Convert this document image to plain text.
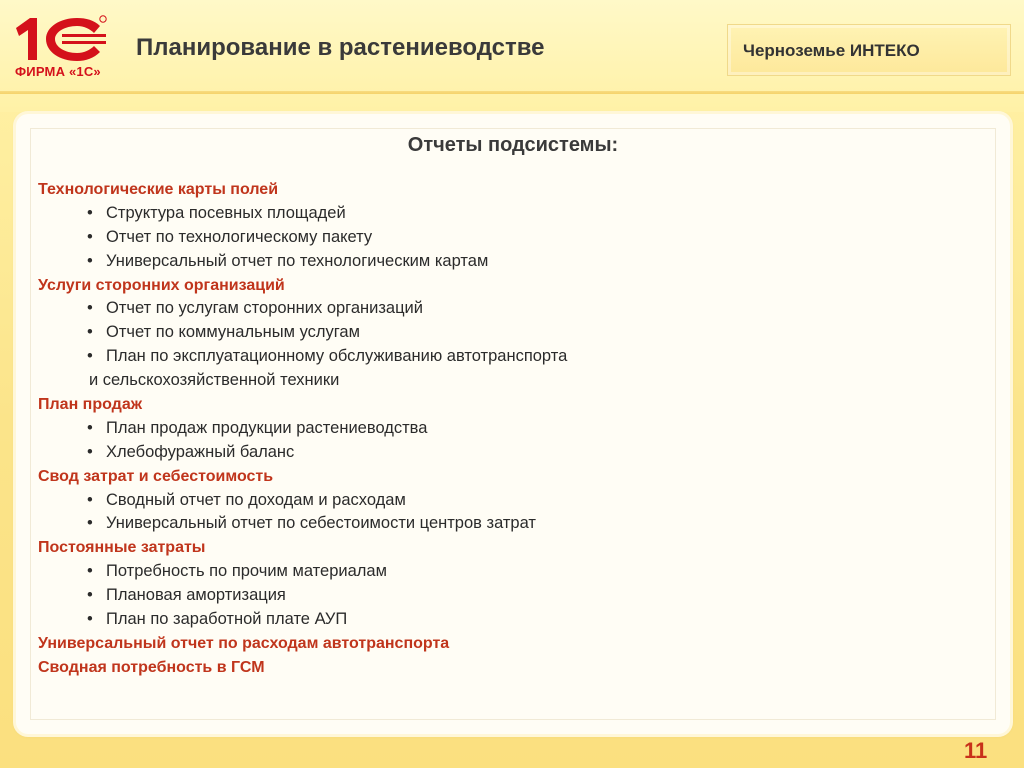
ФИРМА «1С»
Планирование в растениеводстве	Черноземье ИНТЕКО
Отчеты подсистемы:
Технологические карты полей
• Структура посевных площадей
• Отчет по технологическому пакету
• Универсальный отчет по технологическим картам
Услуги сторонних организаций
• Отчет по услугам сторонних организаций
• Отчет по коммунальным услугам
• План по эксплуатационному обслуживанию автотранспорта
и сельскохозяйственной техники
План продаж
• План продаж продукции растениеводства
• Хлебофуражный баланс
Свод затрат и себестоимость
• Сводный отчет по доходам и расходам
• Универсальный отчет по себестоимости центров затрат
Постоянные затраты
• Потребность по прочим материалам
• Плановая амортизация
• План по заработной плате АУП
Универсальный отчет по расходам автотранспорта
Сводная потребность в ГСМ
11
